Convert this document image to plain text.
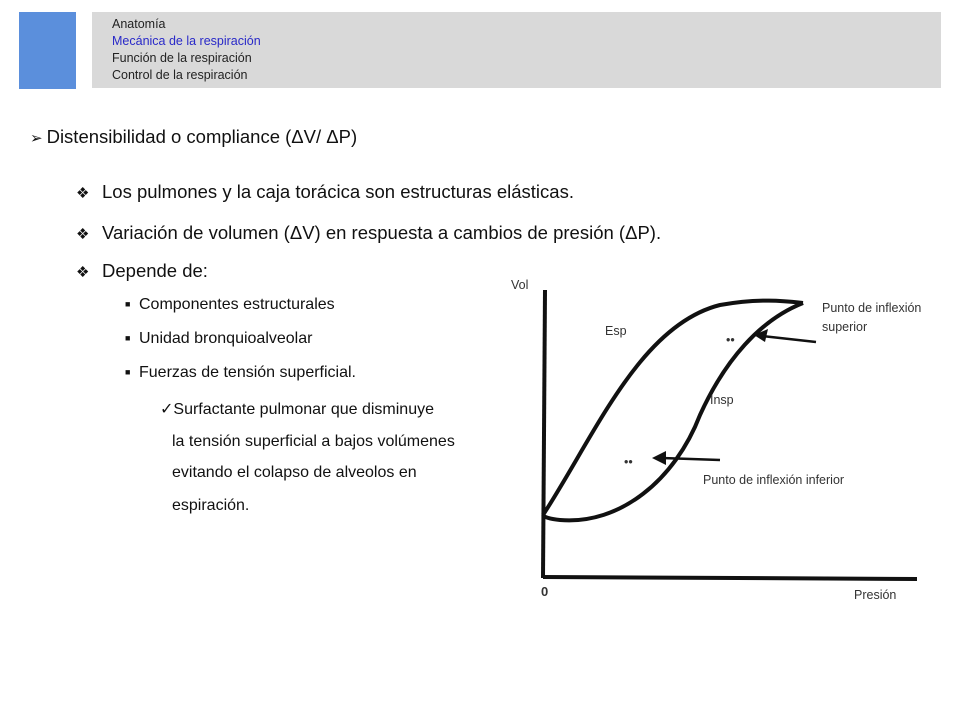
Anatomía
Mecánica de la respiración
Función de la respiración
Control de la respiración
➢ Distensibilidad o compliance (ΔV/ ΔP)
❖ Los pulmones y la caja torácica son estructuras elásticas.
❖ Variación de volumen (ΔV) en respuesta a cambios de presión (ΔP).
❖ Depende de:
■ Componentes estructurales
■ Unidad bronquioalveolar
■ Fuerzas de tensión superficial.
✓Surfactante pulmonar que disminuye
la tensión superficial a bajos volúmenes
evitando el colapso de alveolos en
espiración.
••
••
Vol
Presión
0
Esp
Insp
Punto de inflexión
superior
Punto de inflexión inferior
